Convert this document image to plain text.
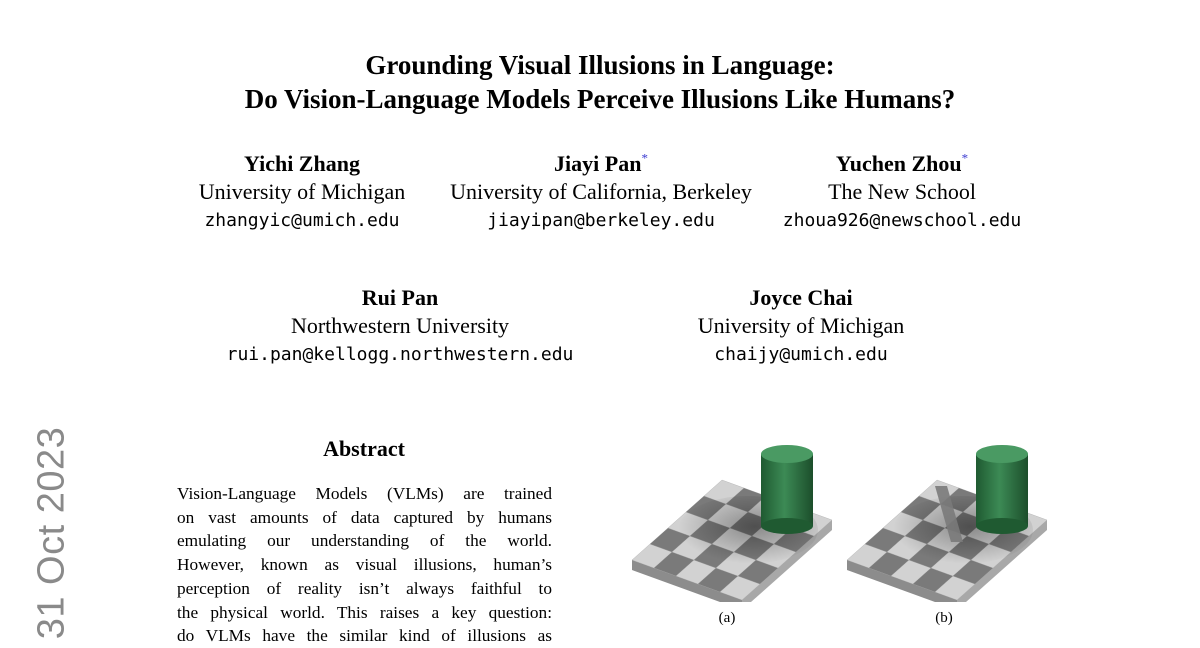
Grounding Visual Illusions in Language:
Do Vision-Language Models Perceive Illusions Like Humans?
Yichi Zhang
University of Michigan
zhangyic@umich.edu
Jiayi Pan*
University of California, Berkeley
jiayipan@berkeley.edu
Yuchen Zhou*
The New School
zhoua926@newschool.edu
Rui Pan
Northwestern University
rui.pan@kellogg.northwestern.edu
Joyce Chai
University of Michigan
chaijy@umich.edu
31 Oct 2023	Abstract
Vision-Language Models (VLMs) are trained
on vast amounts of data captured by humans
emulating our understanding of the world.
However, known as visual illusions, human’s
perception of reality isn’t always faithful to
the physical world. This raises a key question:
do VLMs have the similar kind of illusions as
(a)	(b)
